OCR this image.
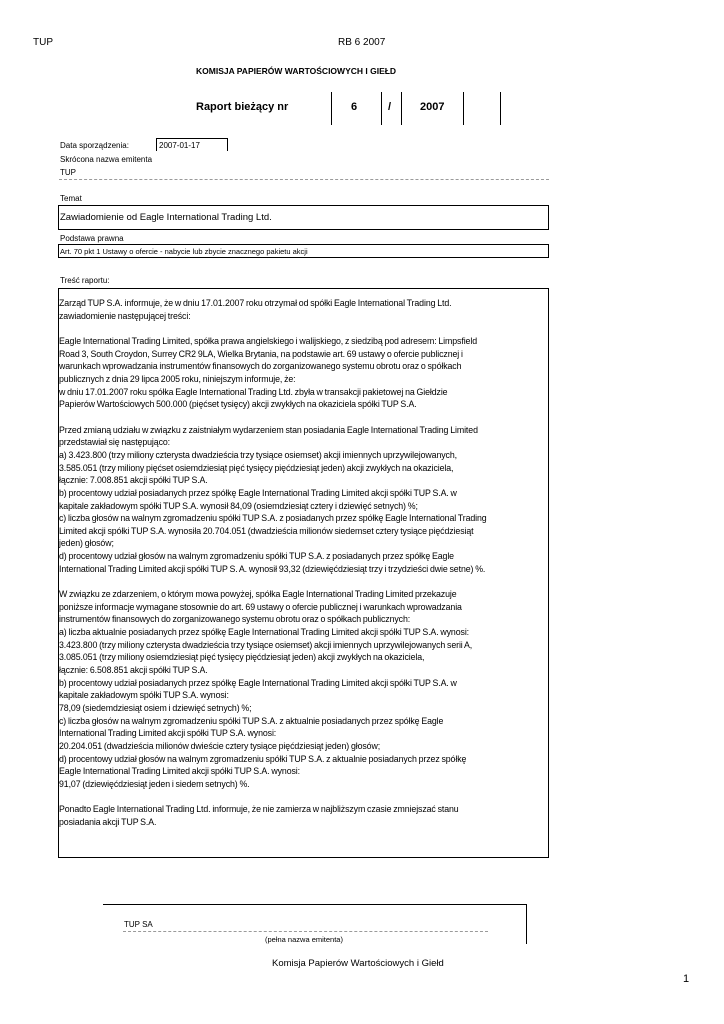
TUP	RB 6 2007
KOMISJA PAPIERÓW WARTOŚCIOWYCH I GIEŁD
Raport bieżący nr	6	/	2007
Data sporządzenia:	2007-01-17
Skrócona nazwa emitenta
TUP
Temat
Zawiadomienie od Eagle International Trading Ltd.
Podstawa prawna
Art. 70 pkt 1 Ustawy o ofercie - nabycie lub zbycie znacznego pakietu akcji
Treść raportu:
Zarząd TUP S.A. informuje, że w dniu 17.01.2007 roku otrzymał od spółki Eagle International Trading Ltd.
zawiadomienie następującej treści:

Eagle International Trading Limited, spółka prawa angielskiego i walijskiego, z siedzibą pod adresem: Limpsfield
Road 3, South Croydon, Surrey CR2 9LA, Wielka Brytania, na podstawie art. 69 ustawy o ofercie publicznej i
warunkach wprowadzania instrumentów finansowych do zorganizowanego systemu obrotu oraz o spółkach
publicznych z dnia 29 lipca 2005 roku, niniejszym informuje, że:
w dniu 17.01.2007 roku spółka Eagle International Trading Ltd. zbyła w transakcji pakietowej na Giełdzie
Papierów Wartościowych 500.000 (pięćset tysięcy) akcji zwykłych na okaziciela spółki TUP S.A.

Przed zmianą udziału w związku z zaistniałym wydarzeniem stan posiadania Eagle International Trading Limited
przedstawiał się następująco:
a) 3.423.800 (trzy miliony czterysta dwadzieścia trzy tysiące osiemset) akcji imiennych uprzywilejowanych,
3.585.051 (trzy miliony pięćset osiemdziesiąt pięć tysięcy pięćdziesiąt jeden) akcji zwykłych na okaziciela,
łącznie: 7.008.851 akcji spółki TUP S.A.
b) procentowy udział posiadanych przez spółkę Eagle International Trading Limited akcji spółki TUP S.A. w
kapitale zakładowym spółki TUP S.A. wynosił 84,09 (osiemdziesiąt cztery i dziewięć setnych) %;
c) liczba głosów na walnym zgromadzeniu spółki TUP S.A. z posiadanych przez spółkę Eagle International Trading
Limited akcji spółki TUP S.A. wynosiła 20.704.051 (dwadzieścia milionów siedemset cztery tysiące pięćdziesiąt
jeden) głosów;
d) procentowy udział głosów na walnym zgromadzeniu spółki TUP S.A. z posiadanych przez spółkę Eagle
International Trading Limited akcji spółki TUP S. A. wynosił 93,32 (dziewięćdziesiąt trzy i trzydzieści dwie setne) %.

W związku ze zdarzeniem, o którym mowa powyżej, spółka Eagle International Trading Limited przekazuje
poniższe informacje wymagane stosownie do art. 69 ustawy o ofercie publicznej i warunkach wprowadzania
instrumentów finansowych do zorganizowanego systemu obrotu oraz o spółkach publicznych:
a) liczba aktualnie posiadanych przez spółkę Eagle International Trading Limited akcji spółki TUP S.A. wynosi:
3.423.800 (trzy miliony czterysta dwadzieścia trzy tysiące osiemset) akcji imiennych uprzywilejowanych serii A,
3.085.051 (trzy miliony osiemdziesiąt pięć tysięcy pięćdziesiąt jeden) akcji zwykłych na okaziciela,
łącznie: 6.508.851 akcji spółki TUP S.A.
b) procentowy udział posiadanych przez spółkę Eagle International Trading Limited akcji spółki TUP S.A. w
kapitale zakładowym spółki TUP S.A. wynosi:
78,09 (siedemdziesiąt osiem i dziewięć setnych) %;
c) liczba głosów na walnym zgromadzeniu spółki TUP S.A. z aktualnie posiadanych przez spółkę Eagle
International Trading Limited akcji spółki TUP S.A. wynosi:
20.204.051 (dwadzieścia milionów dwieście cztery tysiące pięćdziesiąt jeden) głosów;
d) procentowy udział głosów na walnym zgromadzeniu spółki TUP S.A. z aktualnie posiadanych przez spółkę
Eagle International Trading Limited akcji spółki TUP S.A. wynosi:
91,07 (dziewięćdziesiąt jeden i siedem setnych) %.

Ponadto Eagle International Trading Ltd. informuje, że nie zamierza w najbliższym czasie zmniejszać stanu
posiadania akcji TUP S.A.
TUP SA
(pełna nazwa emitenta)
Komisja Papierów Wartościowych i Giełd
1
